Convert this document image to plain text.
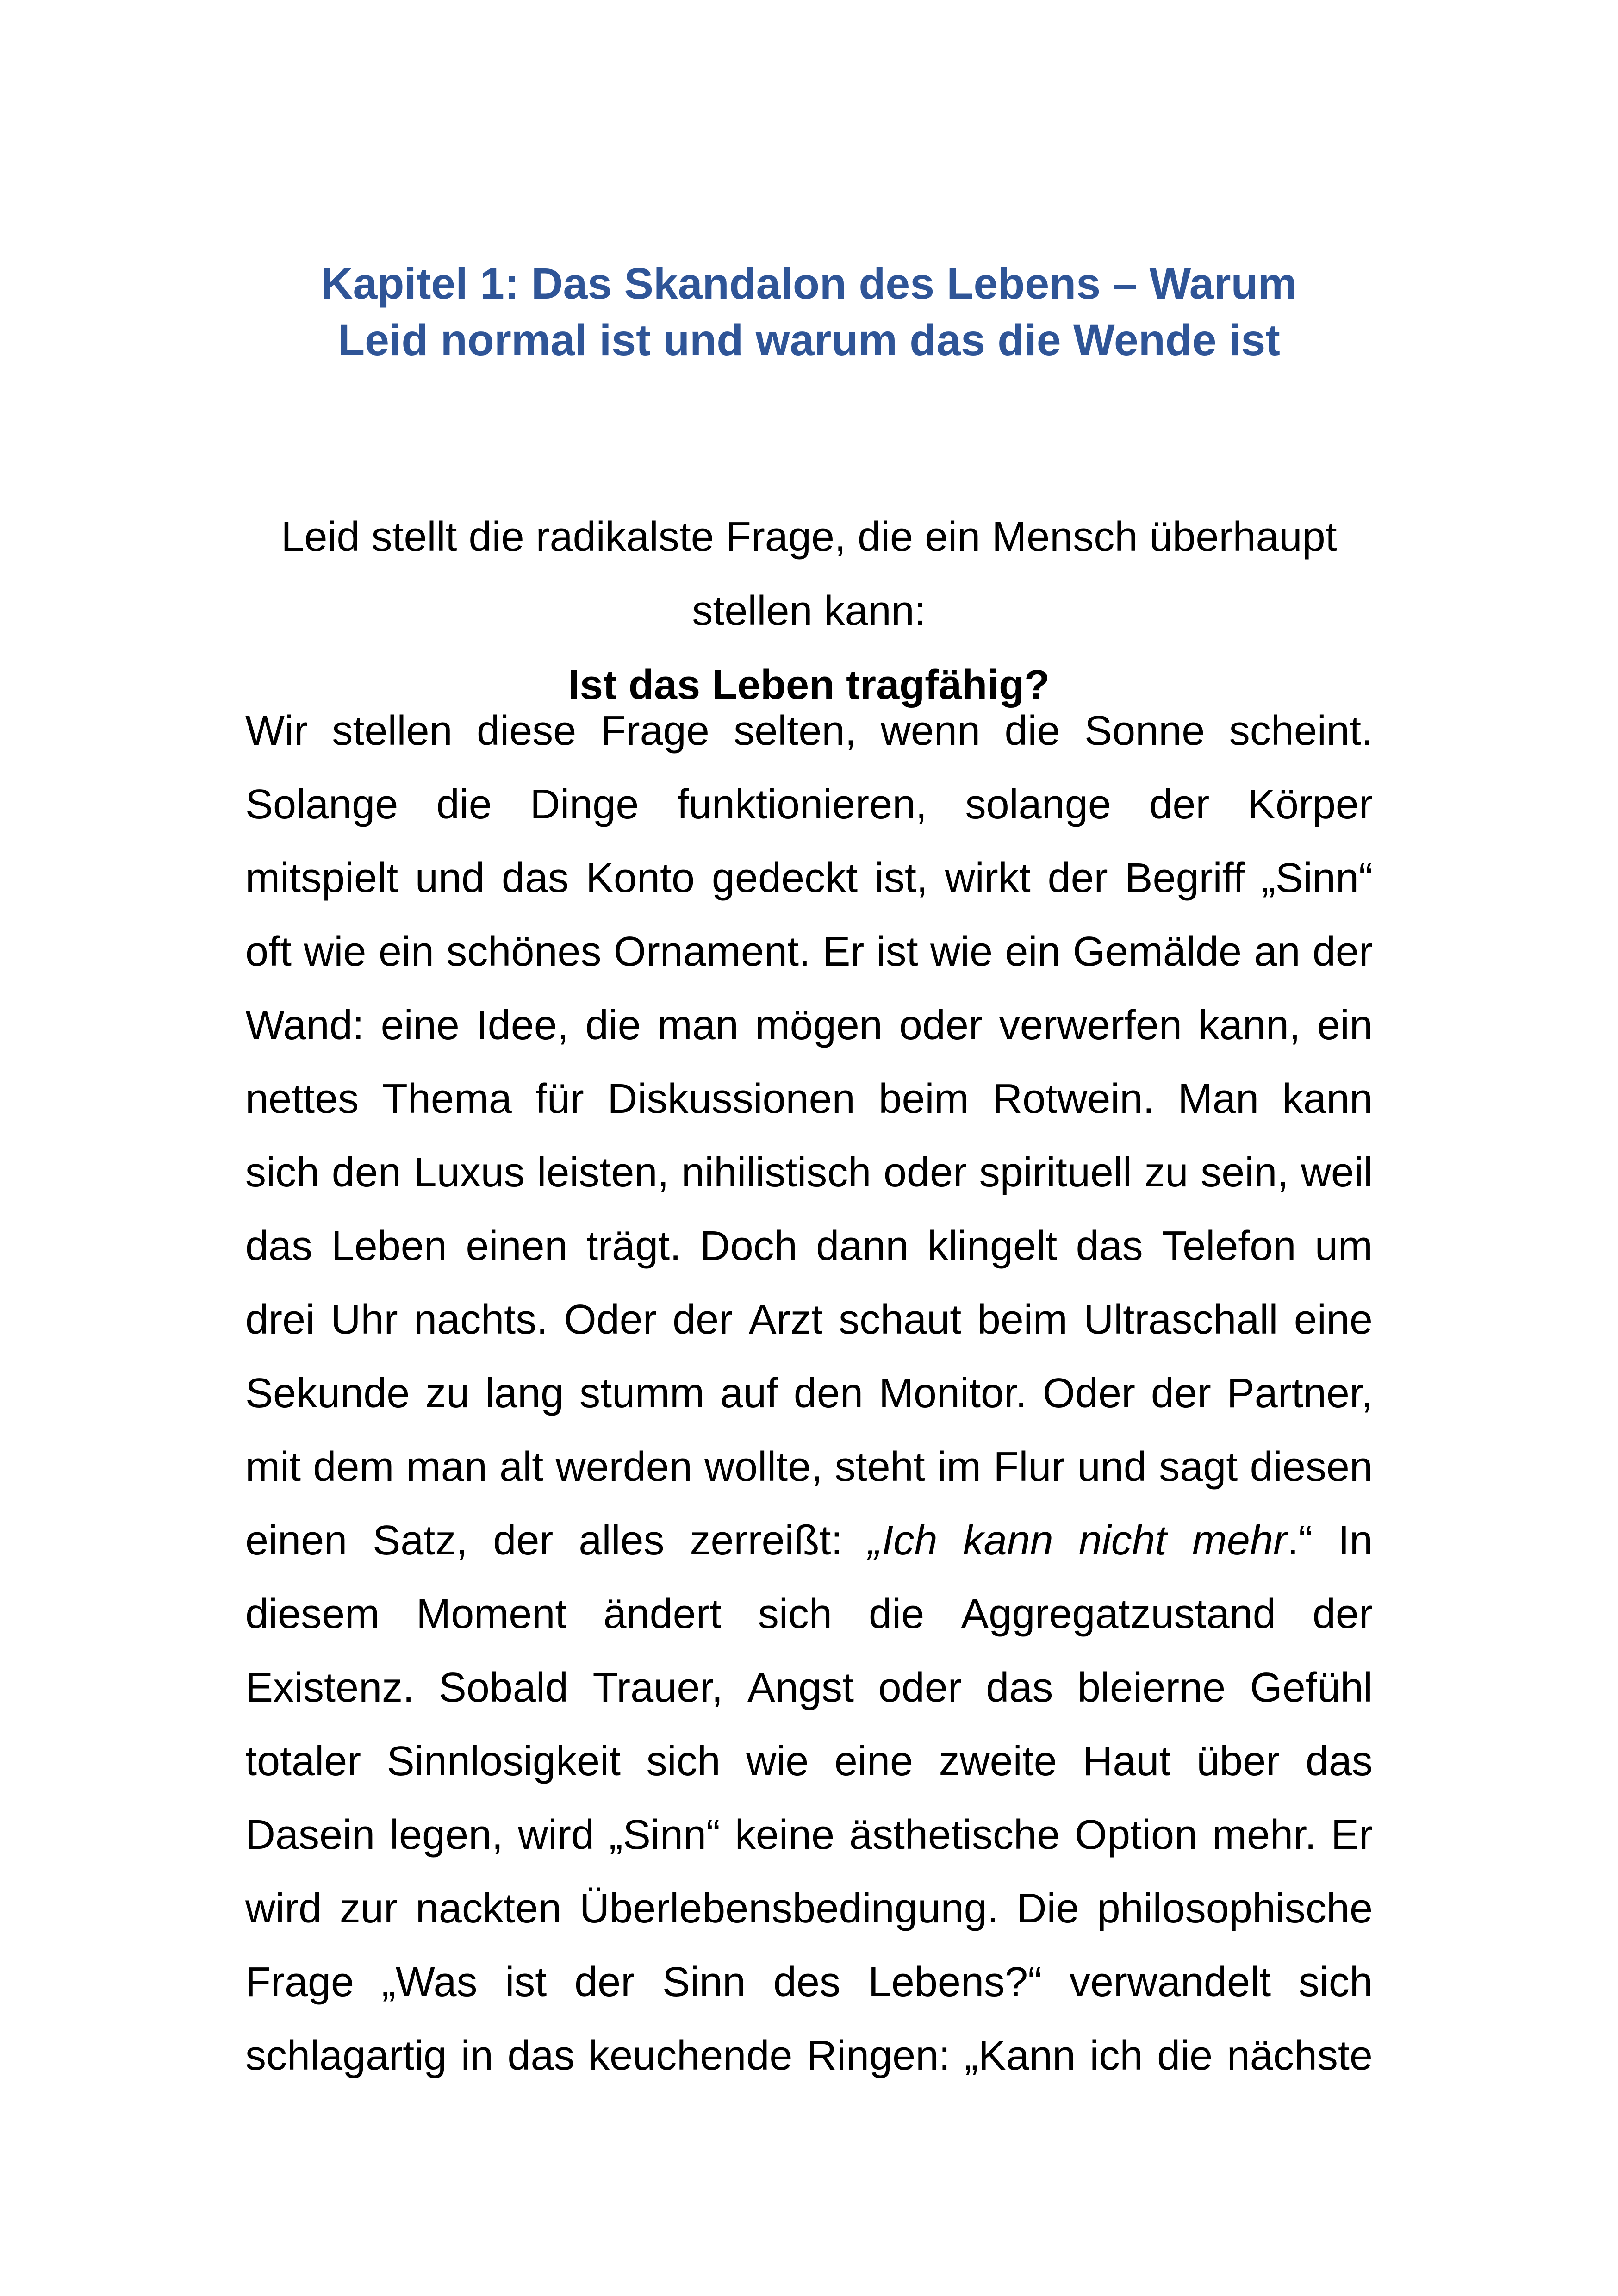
Kapitel 1: Das Skandalon des Lebens – Warum
Leid normal ist und warum das die Wende ist

Leid stellt die radikalste Frage, die ein Mensch überhaupt
stellen kann:
Ist das Leben tragfähig?

Wir stellen diese Frage selten, wenn die Sonne scheint.
Solange die Dinge funktionieren, solange der Körper
mitspielt und das Konto gedeckt ist, wirkt der Begriff „Sinn“
oft wie ein schönes Ornament. Er ist wie ein Gemälde an der
Wand: eine Idee, die man mögen oder verwerfen kann, ein
nettes Thema für Diskussionen beim Rotwein. Man kann
sich den Luxus leisten, nihilistisch oder spirituell zu sein, weil
das Leben einen trägt. Doch dann klingelt das Telefon um
drei Uhr nachts. Oder der Arzt schaut beim Ultraschall eine
Sekunde zu lang stumm auf den Monitor. Oder der Partner,
mit dem man alt werden wollte, steht im Flur und sagt diesen
einen Satz, der alles zerreißt: „Ich kann nicht mehr.“ In
diesem Moment ändert sich die Aggregatzustand der
Existenz. Sobald Trauer, Angst oder das bleierne Gefühl
totaler Sinnlosigkeit sich wie eine zweite Haut über das
Dasein legen, wird „Sinn“ keine ästhetische Option mehr. Er
wird zur nackten Überlebensbedingung. Die philosophische
Frage „Was ist der Sinn des Lebens?“ verwandelt sich
schlagartig in das keuchende Ringen: „Kann ich die nächste
